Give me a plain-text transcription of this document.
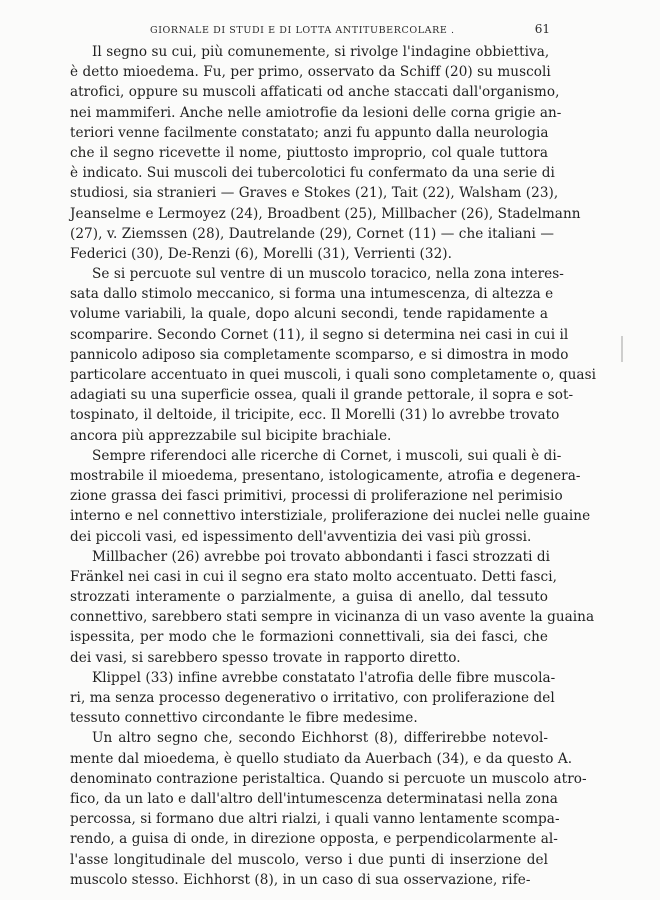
GIORNALE DI STUDI E DI LOTTA ANTITUBERCOLARE .	61
Il segno su cui, più comunemente, si rivolge l'indagine obbiettiva,
è detto mioedema. Fu, per primo, osservato da Schiff (20) su muscoli
atrofici, oppure su muscoli affaticati od anche staccati dall'organismo,
nei mammiferi. Anche nelle amiotrofie da lesioni delle corna grigie an-
teriori venne facilmente constatato; anzi fu appunto dalla neurologia
che il segno ricevette il nome, piuttosto improprio, col quale tuttora
è indicato. Sui muscoli dei tubercolotici fu confermato da una serie di
studiosi, sia stranieri — Graves e Stokes (21), Tait (22), Walsham (23),
Jeanselme e Lermoyez (24), Broadbent (25), Millbacher (26), Stadelmann
(27), v. Ziemssen (28), Dautrelande (29), Cornet (11) — che italiani —
Federici (30), De-Renzi (6), Morelli (31), Verrienti (32).
Se si percuote sul ventre di un muscolo toracico, nella zona interes-
sata dallo stimolo meccanico, si forma una intumescenza, di altezza e
volume variabili, la quale, dopo alcuni secondi, tende rapidamente a
scomparire. Secondo Cornet (11), il segno si determina nei casi in cui il
pannicolo adiposo sia completamente scomparso, e si dimostra in modo
particolare accentuato in quei muscoli, i quali sono completamente o, quasi
adagiati su una superficie ossea, quali il grande pettorale, il sopra e sot-
tospinato, il deltoide, il tricipite, ecc. Il Morelli (31) lo avrebbe trovato
ancora più apprezzabile sul bicipite brachiale.
Sempre riferendoci alle ricerche di Cornet, i muscoli, sui quali è di-
mostrabile il mioedema, presentano, istologicamente, atrofia e degenera-
zione grassa dei fasci primitivi, processi di proliferazione nel perimisio
interno e nel connettivo interstiziale, proliferazione dei nuclei nelle guaine
dei piccoli vasi, ed ispessimento dell'avventizia dei vasi più grossi.
Millbacher (26) avrebbe poi trovato abbondanti i fasci strozzati di
Fränkel nei casi in cui il segno era stato molto accentuato. Detti fasci,
strozzati interamente o parzialmente, a guisa di anello, dal tessuto
connettivo, sarebbero stati sempre in vicinanza di un vaso avente la guaina
ispessita, per modo che le formazioni connettivali, sia dei fasci, che
dei vasi, si sarebbero spesso trovate in rapporto diretto.
Klippel (33) infine avrebbe constatato l'atrofia delle fibre muscola-
ri, ma senza processo degenerativo o irritativo, con proliferazione del
tessuto connettivo circondante le fibre medesime.
Un altro segno che, secondo Eichhorst (8), differirebbe notevol-
mente dal mioedema, è quello studiato da Auerbach (34), e da questo A.
denominato contrazione peristaltica. Quando si percuote un muscolo atro-
fico, da un lato e dall'altro dell'intumescenza determinatasi nella zona
percossa, si formano due altri rialzi, i quali vanno lentamente scompa-
rendo, a guisa di onde, in direzione opposta, e perpendicolarmente al-
l'asse longitudinale del muscolo, verso i due punti di inserzione del
muscolo stesso. Eichhorst (8), in un caso di sua osservazione, rife-
